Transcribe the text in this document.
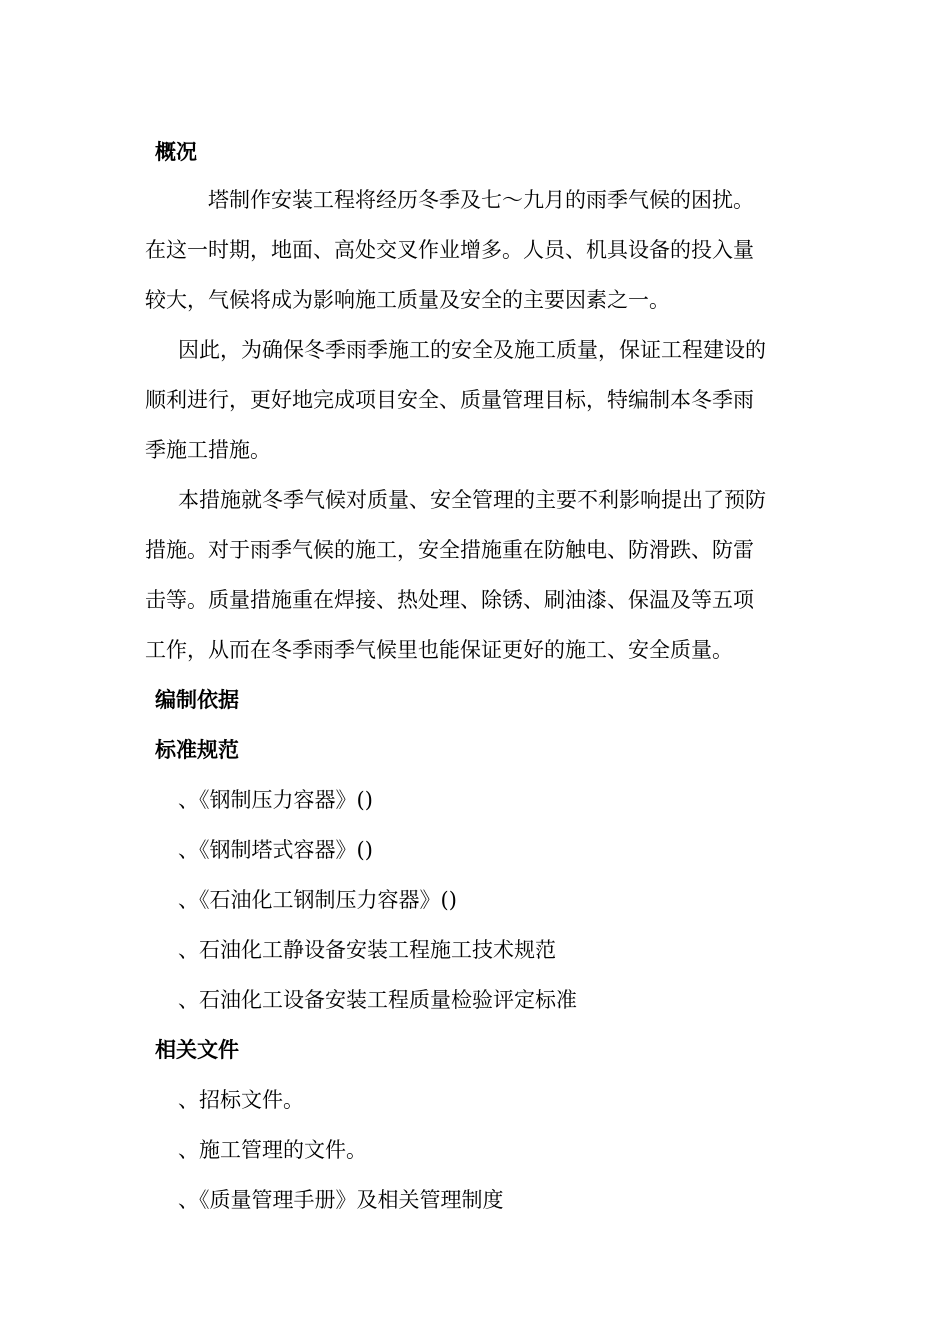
概况
塔制作安装工程将经历冬季及七～九月的雨季气候的困扰。
在这一时期，地面、高处交叉作业增多。人员、机具设备的投入量
较大，气候将成为影响施工质量及安全的主要因素之一。
因此，为确保冬季雨季施工的安全及施工质量，保证工程建设的
顺利进行，更好地完成项目安全、质量管理目标，特编制本冬季雨
季施工措施。
本措施就冬季气候对质量、安全管理的主要不利影响提出了预防
措施。对于雨季气候的施工，安全措施重在防触电、防滑跌、防雷
击等。质量措施重在焊接、热处理、除锈、刷油漆、保温及等五项
工作，从而在冬季雨季气候里也能保证更好的施工、安全质量。
编制依据
标准规范
、《钢制压力容器》()
、《钢制塔式容器》()
、《石油化工钢制压力容器》()
、石油化工静设备安装工程施工技术规范
、石油化工设备安装工程质量检验评定标准
相关文件
、招标文件。
、施工管理的文件。
、《质量管理手册》及相关管理制度
